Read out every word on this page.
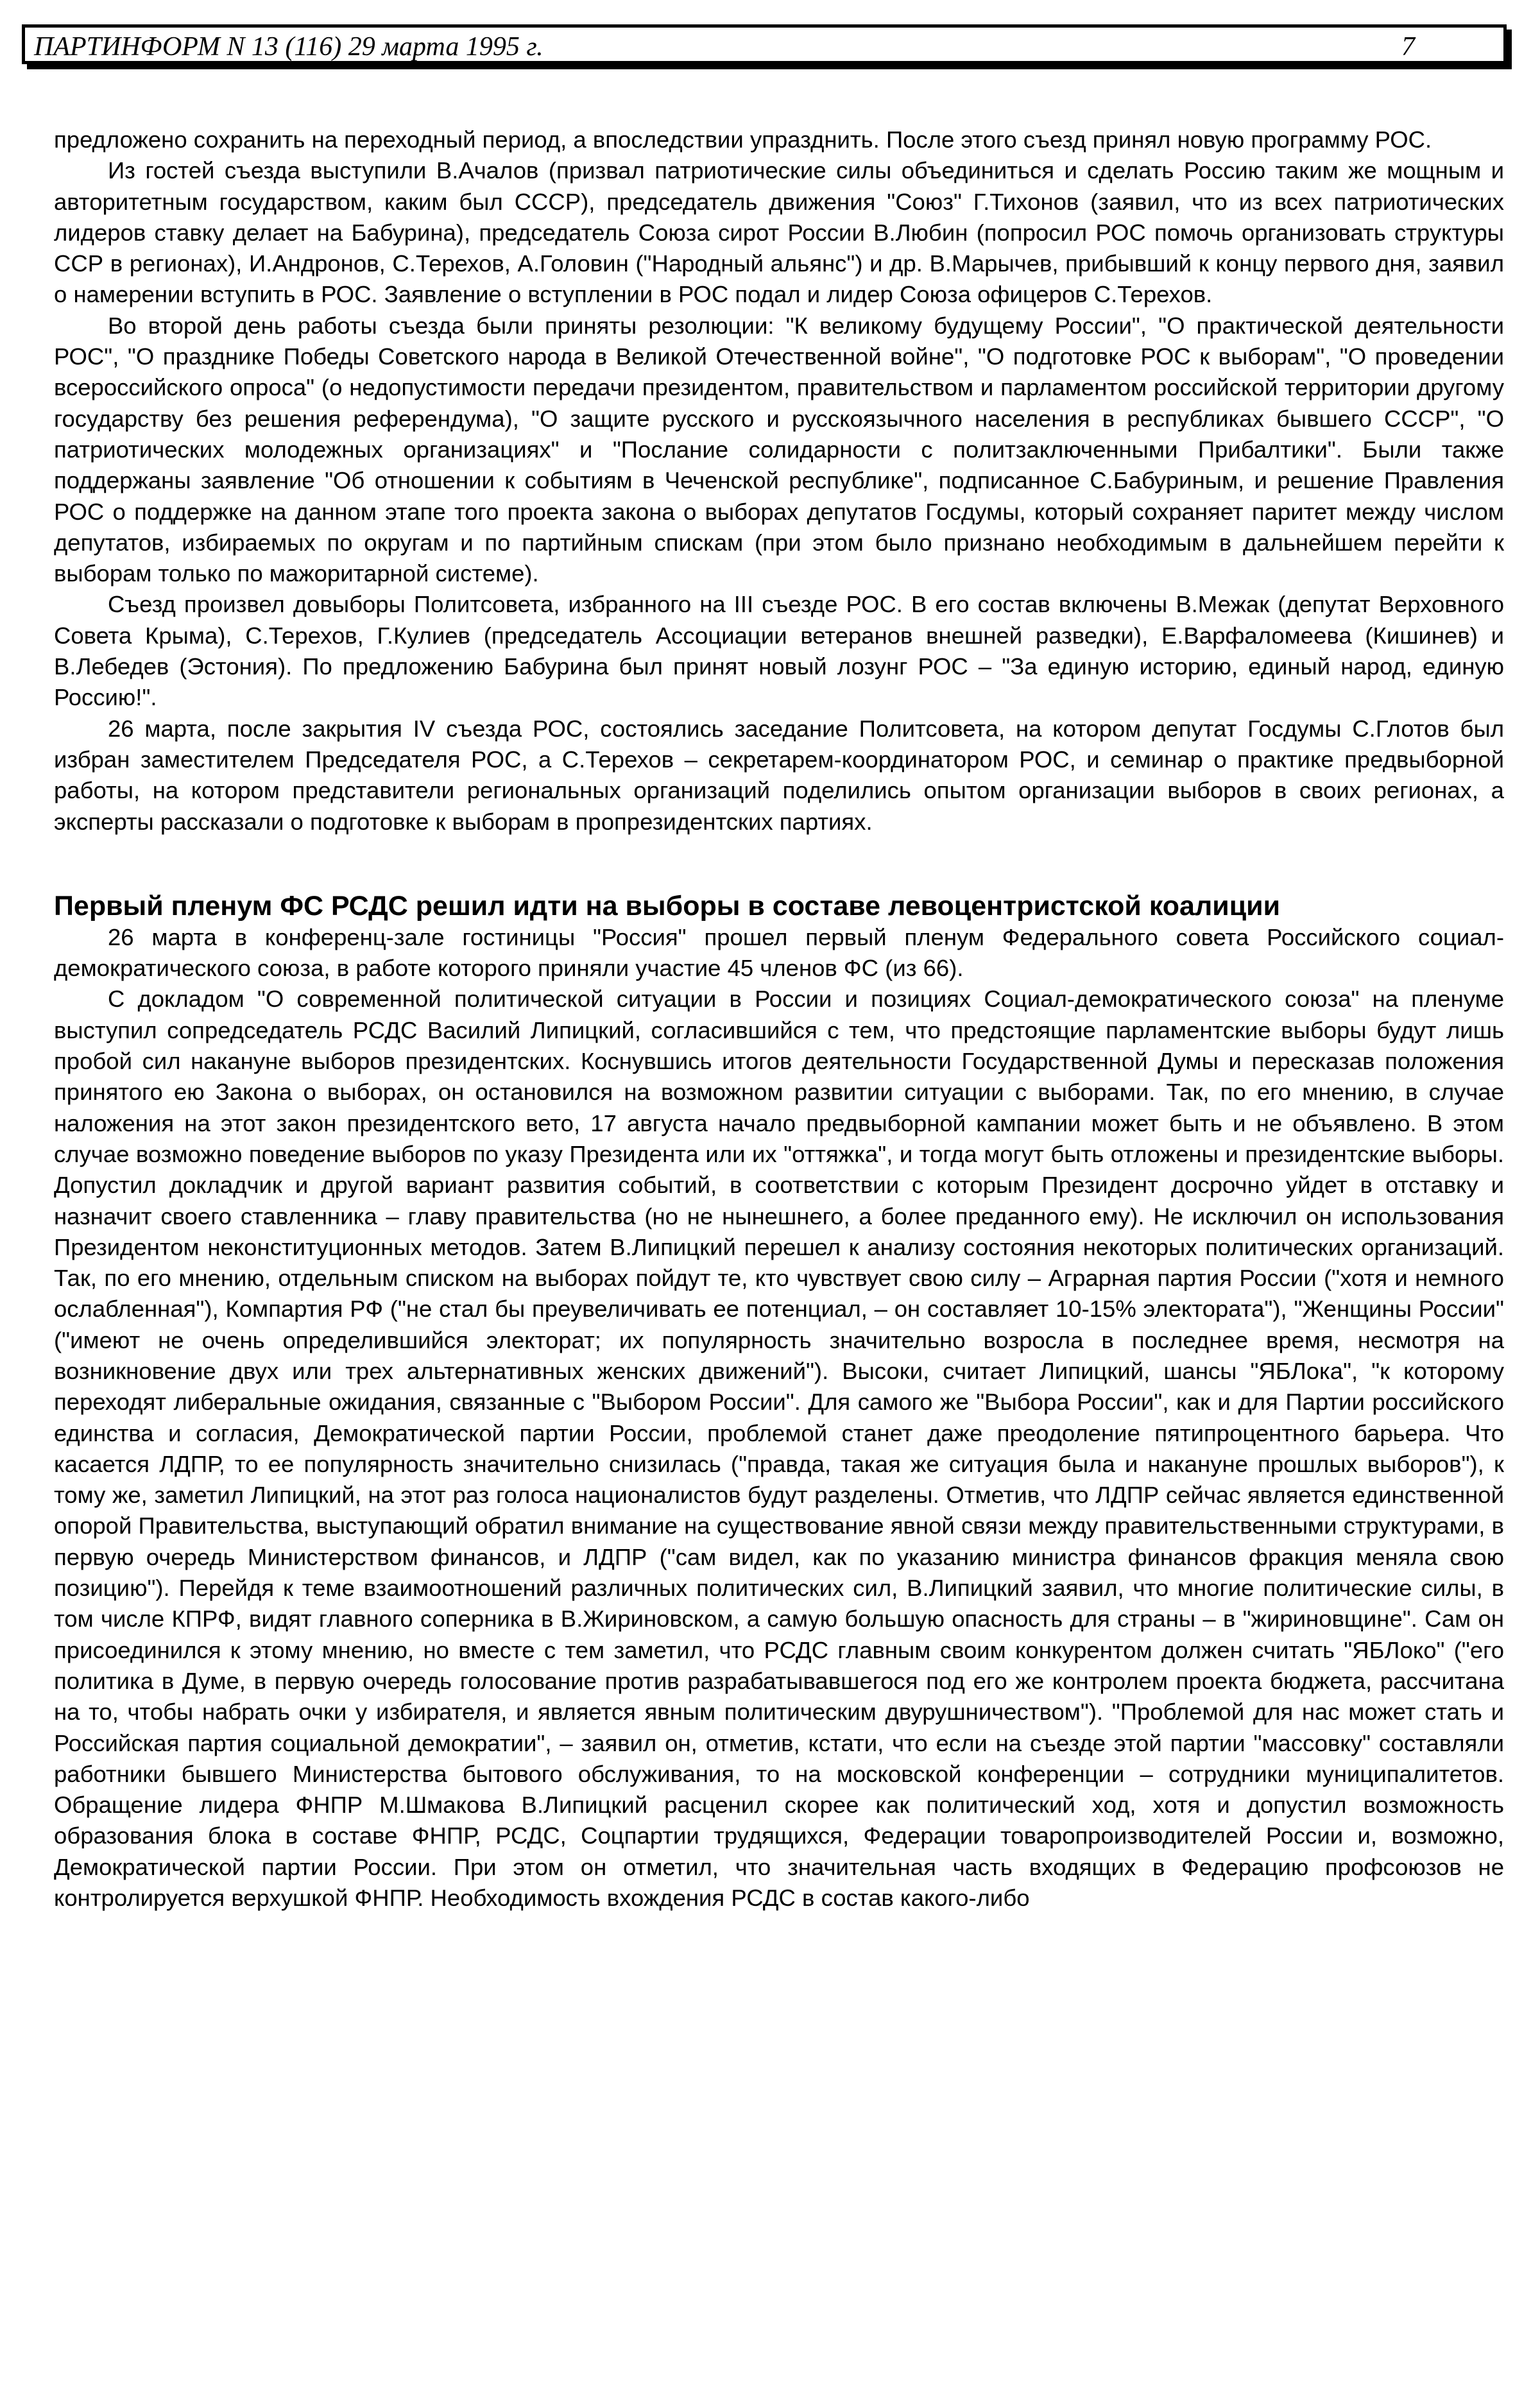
ПАРТИНФОРМ N 13 (116) 29 марта 1995 г.	7

предложено сохранить на переходный период, а впоследствии упразднить. После этого съезд принял новую программу РОС.

Из гостей съезда выступили В.Ачалов (призвал патриотические силы объединиться и сделать Россию таким же мощным и авторитетным государством, каким был СССР), председатель движения "Союз" Г.Тихонов (заявил, что из всех патриотических лидеров ставку делает на Бабурина), председатель Союза сирот России В.Любин (попросил РОС помочь организовать структуры ССР в регионах), И.Андронов, С.Терехов, А.Головин ("Народный альянс") и др. В.Марычев, прибывший к концу первого дня, заявил о намерении вступить в РОС. Заявление о вступлении в РОС подал и лидер Союза офицеров С.Терехов.

Во второй день работы съезда были приняты резолюции: "К великому будущему России", "О практической деятельности РОС", "О празднике Победы Советского народа в Великой Отечественной войне", "О подготовке РОС к выборам", "О проведении всероссийского опроса" (о недопустимости передачи президентом, правительством и парламентом российской территории другому государству без решения референдума), "О защите русского и русскоязычного населения в республиках бывшего СССР", "О патриотических молодежных организациях" и "Послание солидарности с политзаключенными Прибалтики". Были также поддержаны заявление "Об отношении к событиям в Чеченской республике", подписанное С.Бабуриным, и решение Правления РОС о поддержке на данном этапе того проекта закона о выборах депутатов Госдумы, который сохраняет паритет между числом депутатов, избираемых по округам и по партийным спискам (при этом было признано необходимым в дальнейшем перейти к выборам только по мажоритарной системе).

Съезд произвел довыборы Политсовета, избранного на III съезде РОС. В его состав включены В.Межак (депутат Верховного Совета Крыма), С.Терехов, Г.Кулиев (председатель Ассоциации ветеранов внешней разведки), Е.Варфаломеева (Кишинев) и В.Лебедев (Эстония). По предложению Бабурина был принят новый лозунг РОС – "За единую историю, единый народ, единую Россию!".

26 марта, после закрытия IV съезда РОС, состоялись заседание Политсовета, на котором депутат Госдумы С.Глотов был избран заместителем Председателя РОС, а С.Терехов – секретарем-координатором РОС, и семинар о практике предвыборной работы, на котором представители региональных организаций поделились опытом организации выборов в своих регионах, а эксперты рассказали о подготовке к выборам в пропрезидентских партиях.

Первый пленум ФС РСДС решил идти на выборы в составе левоцентристской коалиции

26 марта в конференц-зале гостиницы "Россия" прошел первый пленум Федерального совета Российского социал-демократического союза, в работе которого приняли участие 45 членов ФС (из 66).

С докладом "О современной политической ситуации в России и позициях Социал-демократического союза" на пленуме выступил сопредседатель РСДС Василий Липицкий, согласившийся с тем, что предстоящие парламентские выборы будут лишь пробой сил накануне выборов президентских. Коснувшись итогов деятельности Государственной Думы и пересказав положения принятого ею Закона о выборах, он остановился на возможном развитии ситуации с выборами. Так, по его мнению, в случае наложения на этот закон президентского вето, 17 августа начало предвыборной кампании может быть и не объявлено. В этом случае возможно поведение выборов по указу Президента или их "оттяжка", и тогда могут быть отложены и президентские выборы. Допустил докладчик и другой вариант развития событий, в соответствии с которым Президент досрочно уйдет в отставку и назначит своего ставленника – главу правительства (но не нынешнего, а более преданного ему). Не исключил он использования Президентом неконституционных методов. Затем В.Липицкий перешел к анализу состояния некоторых политических организаций. Так, по его мнению, отдельным списком на выборах пойдут те, кто чувствует свою силу – Аграрная партия России ("хотя и немного ослабленная"), Компартия РФ ("не стал бы преувеличивать ее потенциал, – он составляет 10-15% электората"), "Женщины России" ("имеют не очень определившийся электорат; их популярность значительно возросла в последнее время, несмотря на возникновение двух или трех альтернативных женских движений"). Высоки, считает Липицкий, шансы "ЯБЛока", "к которому переходят либеральные ожидания, связанные с "Выбором России". Для самого же "Выбора России", как и для Партии российского единства и согласия, Демократической партии России, проблемой станет даже преодоление пятипроцентного барьера. Что касается ЛДПР, то ее популярность значительно снизилась ("правда, такая же ситуация была и накануне прошлых выборов"), к тому же, заметил Липицкий, на этот раз голоса националистов будут разделены. Отметив, что ЛДПР сейчас является единственной опорой Правительства, выступающий обратил внимание на существование явной связи между правительственными структурами, в первую очередь Министерством финансов, и ЛДПР ("сам видел, как по указанию министра финансов фракция меняла свою позицию"). Перейдя к теме взаимоотношений различных политических сил, В.Липицкий заявил, что многие политические силы, в том числе КПРФ, видят главного соперника в В.Жириновском, а самую большую опасность для страны – в "жириновщине". Сам он присоединился к этому мнению, но вместе с тем заметил, что РСДС главным своим конкурентом должен считать "ЯБЛоко" ("его политика в Думе, в первую очередь голосование против разрабатывавшегося под его же контролем проекта бюджета, рассчитана на то, чтобы набрать очки у избирателя, и является явным политическим двурушничеством"). "Проблемой для нас может стать и Российская партия социальной демократии", – заявил он, отметив, кстати, что если на съезде этой партии "массовку" составляли работники бывшего Министерства бытового обслуживания, то на московской конференции – сотрудники муниципалитетов. Обращение лидера ФНПР М.Шмакова В.Липицкий расценил скорее как политический ход, хотя и допустил возможность образования блока в составе ФНПР, РСДС, Соцпартии трудящихся, Федерации товаропроизводителей России и, возможно, Демократической партии России. При этом он отметил, что значительная часть входящих в Федерацию профсоюзов не контролируется верхушкой ФНПР. Необходимость вхождения РСДС в состав какого-либо
